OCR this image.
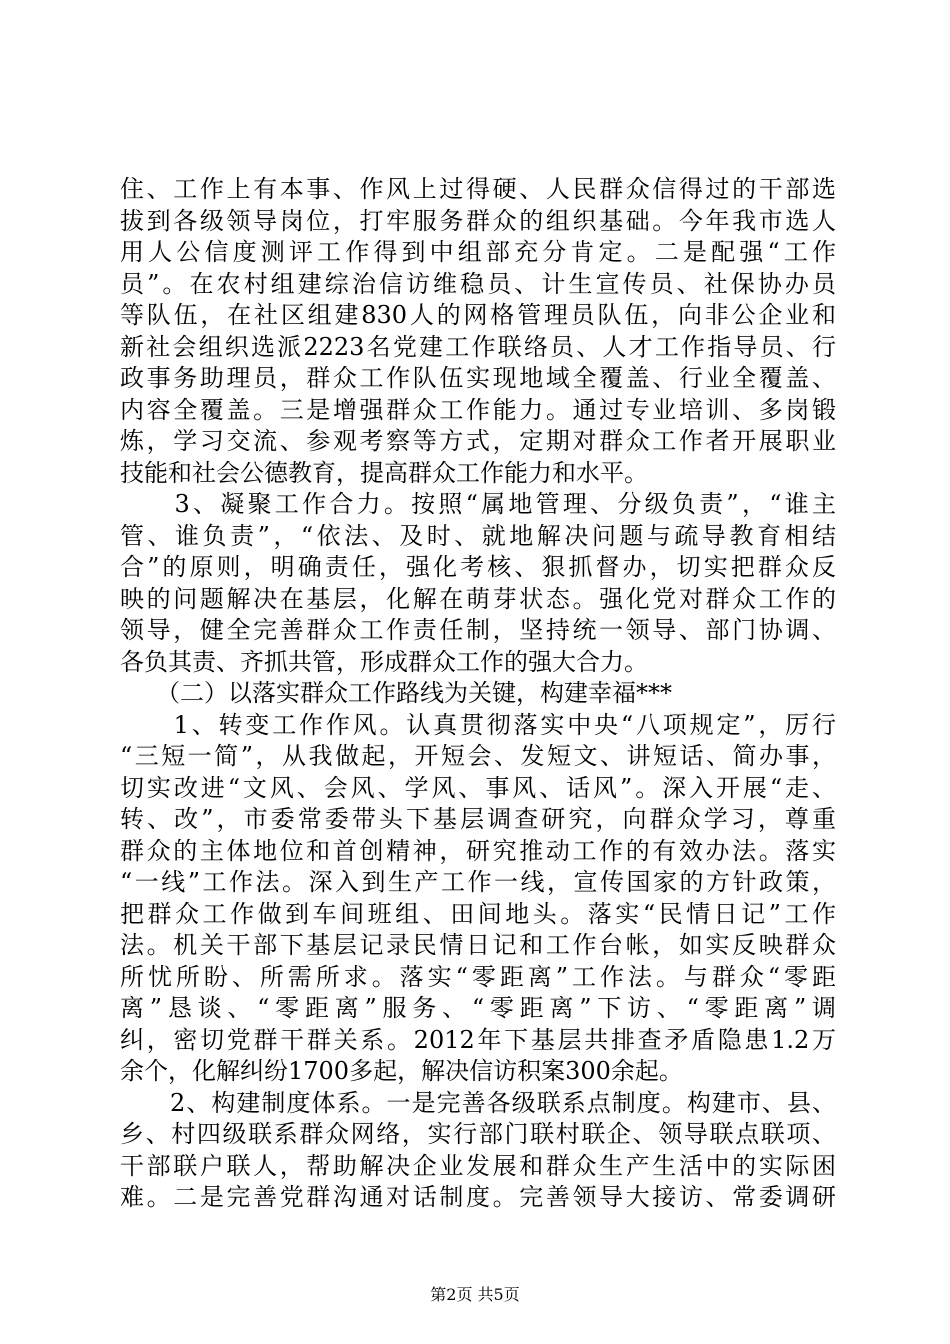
住、工作上有本事、作风上过得硬、人民群众信得过的干部选
拔到各级领导岗位，打牢服务群众的组织基础。今年我市选人
用人公信度测评工作得到中组部充分肯定。二是配强“工作
员”。在农村组建综治信访维稳员、计生宣传员、社保协办员
等队伍，在社区组建830人的网格管理员队伍，向非公企业和
新社会组织选派2223名党建工作联络员、人才工作指导员、行
政事务助理员，群众工作队伍实现地域全覆盖、行业全覆盖、
内容全覆盖。三是增强群众工作能力。通过专业培训、多岗锻
炼，学习交流、参观考察等方式，定期对群众工作者开展职业
技能和社会公德教育，提高群众工作能力和水平。
　　3、凝聚工作合力。按照“属地管理、分级负责”，“谁主
管、谁负责”，“依法、及时、就地解决问题与疏导教育相结
合”的原则，明确责任，强化考核、狠抓督办，切实把群众反
映的问题解决在基层，化解在萌芽状态。强化党对群众工作的
领导，健全完善群众工作责任制，坚持统一领导、部门协调、
各负其责、齐抓共管，形成群众工作的强大合力。
　　（二）以落实群众工作路线为关键，构建幸福***
　　1、转变工作作风。认真贯彻落实中央“八项规定”，厉行
“三短一简”，从我做起，开短会、发短文、讲短话、简办事，
切实改进“文风、会风、学风、事风、话风”。深入开展“走、
转、改”，市委常委带头下基层调查研究，向群众学习，尊重
群众的主体地位和首创精神，研究推动工作的有效办法。落实
“一线”工作法。深入到生产工作一线，宣传国家的方针政策，
把群众工作做到车间班组、田间地头。落实“民情日记”工作
法。机关干部下基层记录民情日记和工作台帐，如实反映群众
所忧所盼、所需所求。落实“零距离”工作法。与群众“零距
离”恳谈、“零距离”服务、“零距离”下访、“零距离”调
纠，密切党群干群关系。2012年下基层共排查矛盾隐患1.2万
余个，化解纠纷1700多起，解决信访积案300余起。
　　2、构建制度体系。一是完善各级联系点制度。构建市、县、
乡、村四级联系群众网络，实行部门联村联企、领导联点联项、
干部联户联人，帮助解决企业发展和群众生产生活中的实际困
难。二是完善党群沟通对话制度。完善领导大接访、常委调研
第2页 共5页
